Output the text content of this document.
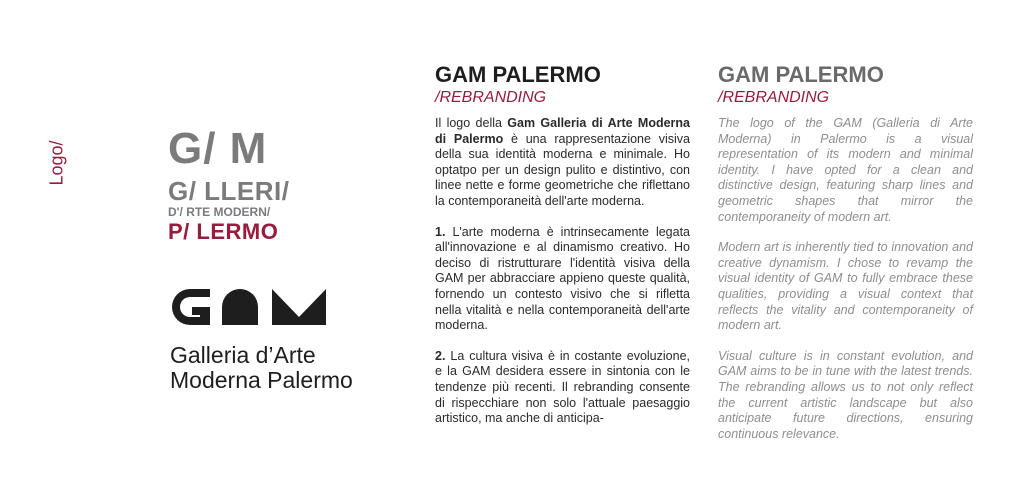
Logo/ G/ M
G/ LLERI/
D'/ RTE MODERN/
P/ LERMO
Galleria d’Arte
Moderna Palermo
GAM PALERMO
/REBRANDING

Il logo della Gam Galleria di Arte Moderna di Palermo è una rappresentazione visiva della sua identità moderna e minimale. Ho optatpo per un design pulito e distintivo, con linee nette e forme geometriche che riflettano la contemporaneità dell'arte moderna.

1. L'arte moderna è intrinsecamente legata all'innovazione e al dinamismo creativo. Ho deciso di ristrutturare l'identità visiva della GAM per abbracciare appieno queste qualità, fornendo un contesto visivo che si rifletta nella vitalità e nella contemporaneità dell'arte moderna.

2. La cultura visiva è in costante evoluzione, e la GAM desidera essere in sintonia con le tendenze più recenti. Il rebranding consente di rispecchiare non solo l'attuale paesaggio artistico, ma anche di anticipa-

GAM PALERMO
/REBRANDING

The logo of the GAM (Galleria di Arte Moderna) in Palermo is a visual representation of its modern and minimal identity. I have opted for a clean and distinctive design, featuring sharp lines and geometric shapes that mirror the contemporaneity of modern art.

Modern art is inherently tied to innovation and creative dynamism. I chose to revamp the visual identity of GAM to fully embrace these qualities, providing a visual context that reflects the vitality and contemporaneity of modern art.

Visual culture is in constant evolution, and GAM aims to be in tune with the latest trends. The rebranding allows us to not only reflect the current artistic landscape but also anticipate future directions, ensuring continuous relevance.
